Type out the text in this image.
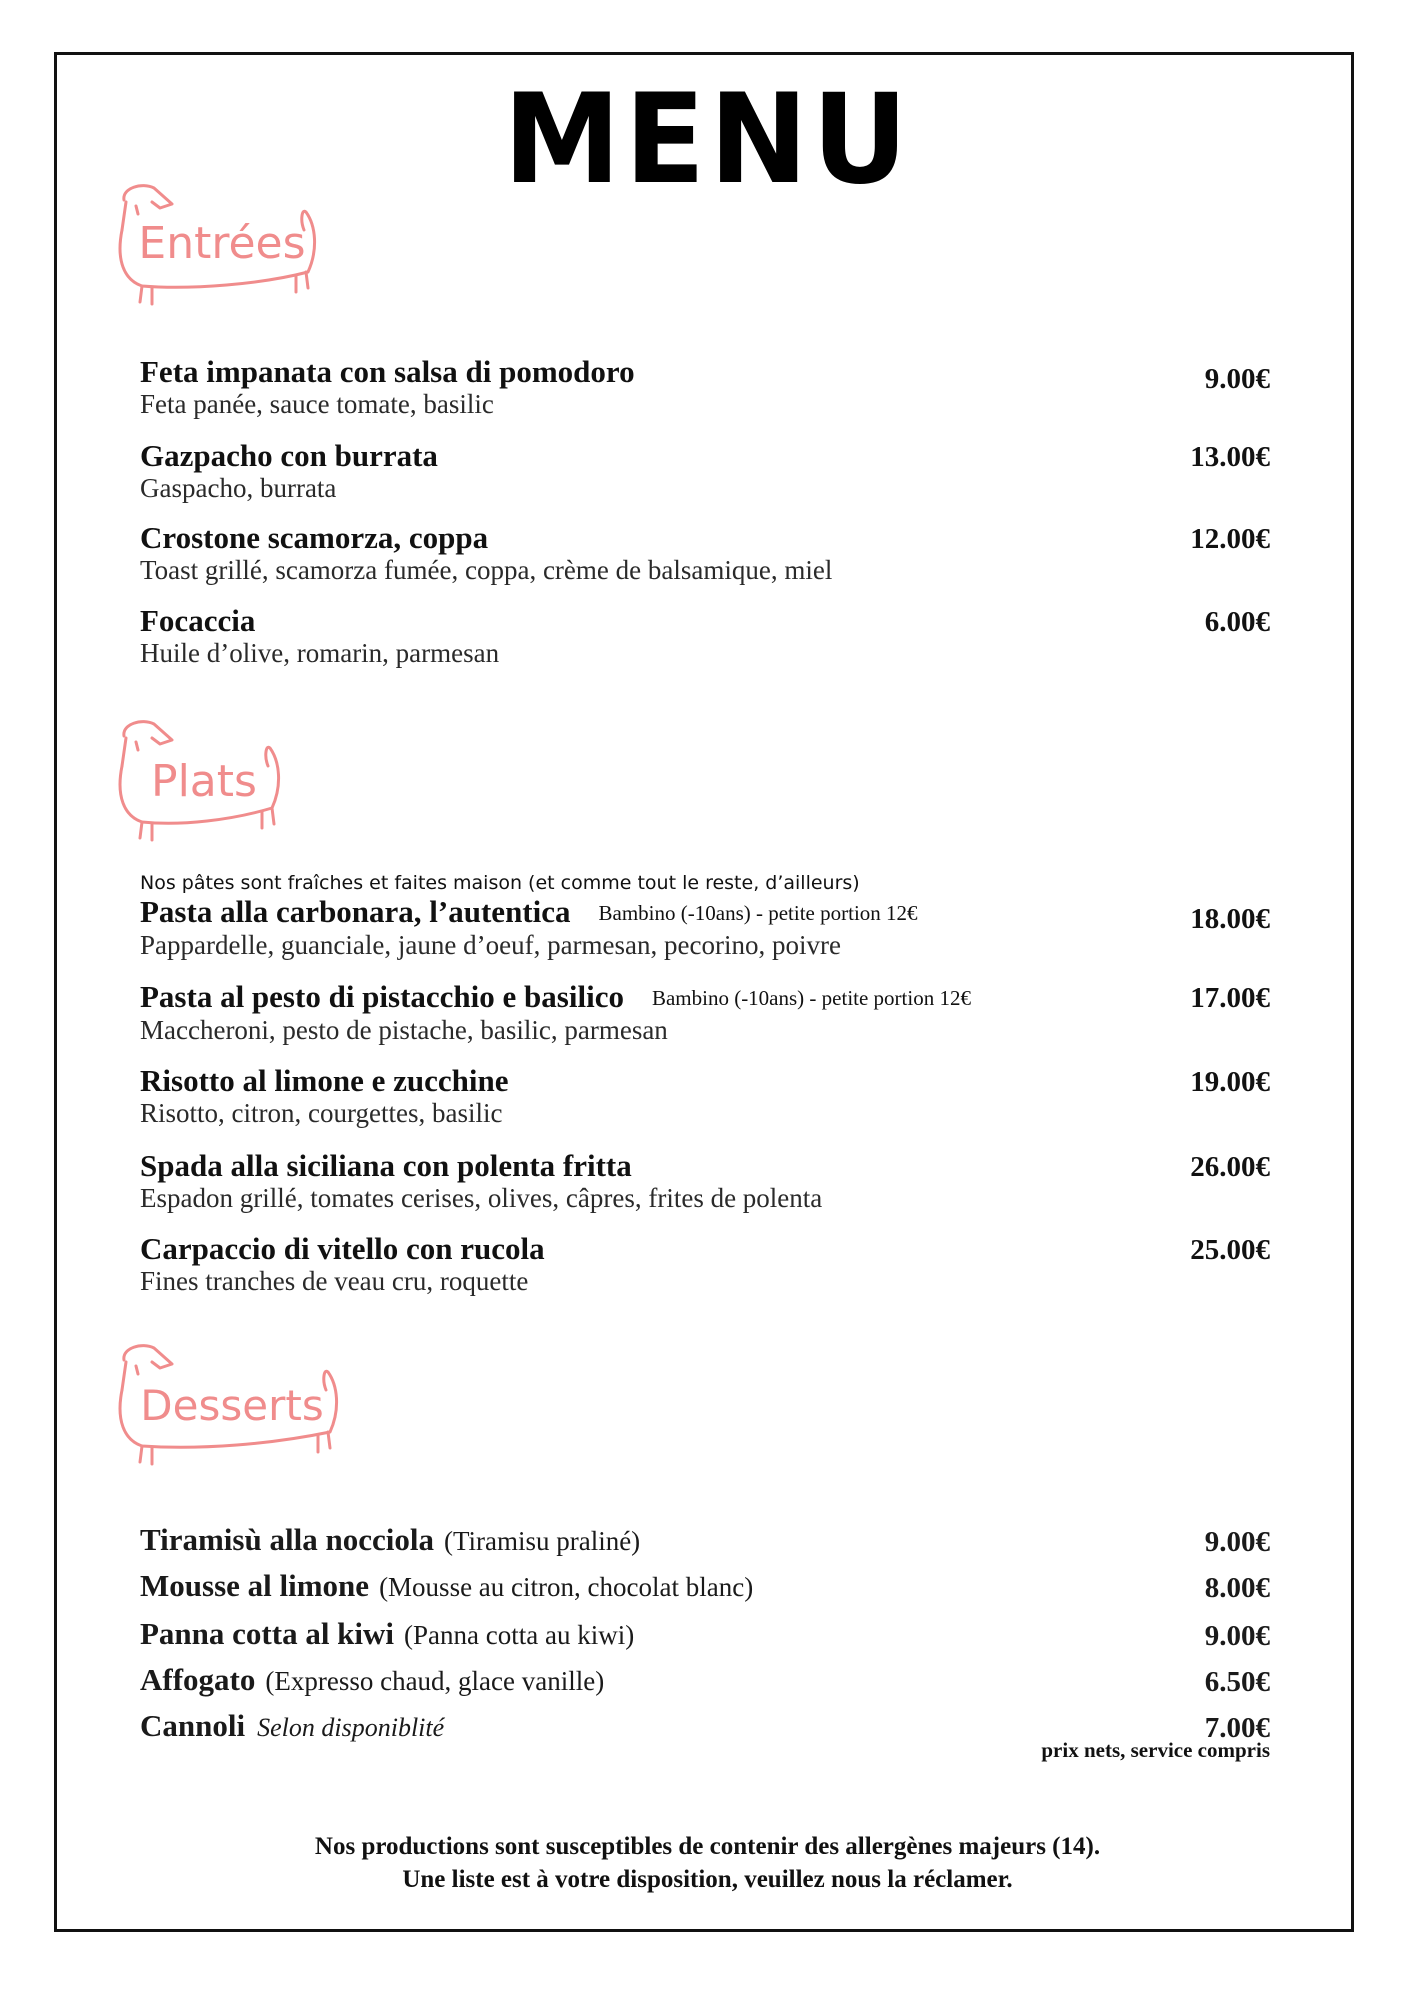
MENU
Entrées
Feta impanata con salsa di pomodoro
Feta panée, sauce tomate, basilic
9.00€
Gazpacho con burrata
Gaspacho, burrata
13.00€
Crostone scamorza, coppa
Toast grillé, scamorza fumée, coppa, crème de balsamique, miel
12.00€
Focaccia
Huile d’olive, romarin, parmesan
6.00€
Plats
Nos pâtes sont fraîches et faites maison (et comme tout le reste, d’ailleurs)
Pasta alla carbonara, l’autentica Bambino (-10ans) - petite portion 12€
Pappardelle, guanciale, jaune d’oeuf, parmesan, pecorino, poivre
18.00€
Pasta al pesto di pistacchio e basilico Bambino (-10ans) - petite portion 12€
Maccheroni, pesto de pistache, basilic, parmesan
17.00€
Risotto al limone e zucchine
Risotto, citron, courgettes, basilic
19.00€
Spada alla siciliana con polenta fritta
Espadon grillé, tomates cerises, olives, câpres, frites de polenta
26.00€
Carpaccio di vitello con rucola
Fines tranches de veau cru, roquette
25.00€
Desserts
Tiramisù alla nocciola (Tiramisu praliné)	9.00€
Mousse al limone (Mousse au citron, chocolat blanc)	8.00€
Panna cotta al kiwi (Panna cotta au kiwi)	9.00€
Affogato (Expresso chaud, glace vanille)	6.50€
Cannoli Selon disponiblité	7.00€
prix nets, service compris
Nos productions sont susceptibles de contenir des allergènes majeurs (14).
Une liste est à votre disposition, veuillez nous la réclamer.
